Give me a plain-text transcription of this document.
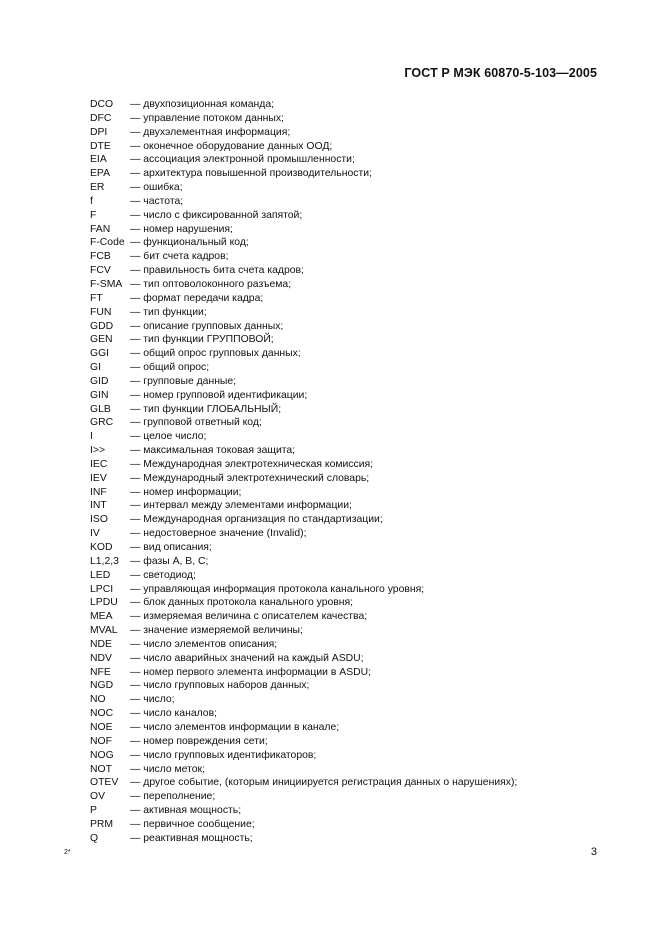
ГОСТ Р МЭК 60870-5-103—2005
DCO	— двухпозиционная команда;
DFC	— управление потоком данных;
DPI	— двухэлементная информация;
DTE	— оконечное оборудование данных ООД;
EIA	— ассоциация электронной промышленности;
EPA	— архитектура повышенной производительности;
ER	— ошибка;
f	— частота;
F	— число с фиксированной запятой;
FAN	— номер нарушения;
F-Code — функциональный код;
FCB	— бит счета кадров;
FCV	— правильность бита счета кадров;
F-SMA — тип оптоволоконного разъема;
FT	— формат передачи кадра;
FUN	— тип функции;
GDD	— описание групповых данных;
GEN	— тип функции ГРУППОВОЙ;
GGI	— общий опрос групповых данных;
GI	— общий опрос;
GID	— групповые данные;
GIN	— номер групповой идентификации;
GLB	— тип функции ГЛОБАЛЬНЫЙ;
GRC	— групповой ответный код;
I	— целое число;
I>>	— максимальная токовая защита;
IEC	— Международная электротехническая комиссия;
IEV	— Международный электротехнический словарь;
INF	— номер информации;
INT	— интервал между элементами информации;
ISO	— Международная организация по стандартизации;
IV	— недостоверное значение (Invalid);
KOD	— вид описания;
L1,2,3	— фазы А, В, С;
LED	— светодиод;
LPCI	— управляющая информация протокола канального уровня;
LPDU	— блок данных протокола канального уровня;
MEA	— измеряемая величина с описателем качества;
MVAL	— значение измеряемой величины;
NDE	— число элементов описания;
NDV	— число аварийных значений на каждый ASDU;
NFE	— номер первого элемента информации в ASDU;
NGD	— число групповых наборов данных;
NO	— число;
NOC	— число каналов;
NOE	— число элементов информации в канале;
NOF	— номер повреждения сети;
NOG	— число групповых идентификаторов;
NOT	— число меток;
OTEV	— другое событие, (которым инициируется регистрация данных о нарушениях);
OV	— переполнение;
P	— активная мощность;
PRM	— первичное сообщение;
Q	— реактивная мощность;
2*	3
